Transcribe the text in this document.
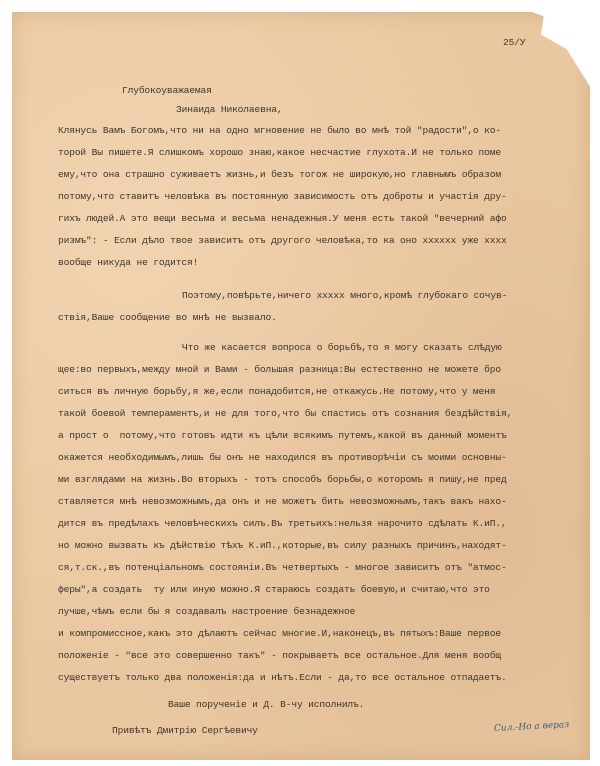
25/У
Глубокоуважаемая
Зинаида Николаевна,
Клянусь Вамъ Богомъ,что ни на одно мгновение не было во мнѣ той "радости",о ко-
торой Вы пишете.Я слишкомъ хорошо знаю,какое несчастие глухота.И не только поме
ему,что она страшно суживаетъ жизнь,и безъ тогож не широкую,но главнымъ образом
потому,что ставитъ человѣка въ постоянную зависимость отъ доброты и участія дру-
гихъ людей.А это вещи весьма и весьма ненадежныя.У меня есть такой "вечерний афо
ризмъ": - Если дѣло твое зависитъ отъ другого человѣка,то ка оно хххххх уже хххх
вообще никуда не годится!
Поэтому,повѣрьте,ничего ххххх много,кромѣ глубокаго сочув-
ствія,Ваше сообщение во мнѣ не вызвало.
Что же касается вопроса о борьбѣ,то я могу сказать слѣдую
щее:во первыхъ,между мной и Вами - большая разница:Вы естественно не можете бро
ситься въ личную борьбу,я же,если понадобится,не откажусь.Не потому,что у меня
такой боевой темпераментъ,и не для того,что бы спастись отъ сознания бездѣйствія,
а прост о  потому,что готовъ идти къ цѣли всякимъ путемъ,какой въ данный моментъ
окажется необходимымъ,лишь бы онъ не находился въ противорѣчіи съ моими основны-
ми взглядами на жизнь.Во вторыхъ - тотъ способъ борьбы,о которомъ я пишу,не пред
ставляется мнѣ невозможнымъ,да онъ и не можетъ бить невозможнымъ,такъ вакъ нахо-
дится въ предѣлахъ человѣческихъ силъ.Въ третьихъ:нельзя нарочито сдѣлать К.иП.,
но можно вызвать къ дѣйствію тѣхъ К.иП.,которые,въ силу разныхъ причинъ,находят-
ся,т.ск.,въ потенціальномъ состояніи.Въ четвертыхъ - многое зависитъ отъ "атмос-
феры",а создать  ту или иную можно.Я стараюсь создать боевую,и считаю,что это
лучше,чѣмъ если бы я создавалъ настроение безнадежное
и компромиссное,какъ это дѣлаютъ сейчас многие.И,наконецъ,въ пятыхъ:Ваше первое
положеніе - "все это совершенно такъ" - покрываетъ все остальное.Для меня вообщ
существуетъ только два положенія:да и нѣтъ.Если - да,то все остальное отпадаетъ.
Ваше порученіе и Д. В-чу исполнилъ.
Привѣтъ Дмитрію Сергѣевичу	Сил.-Но а вераз
